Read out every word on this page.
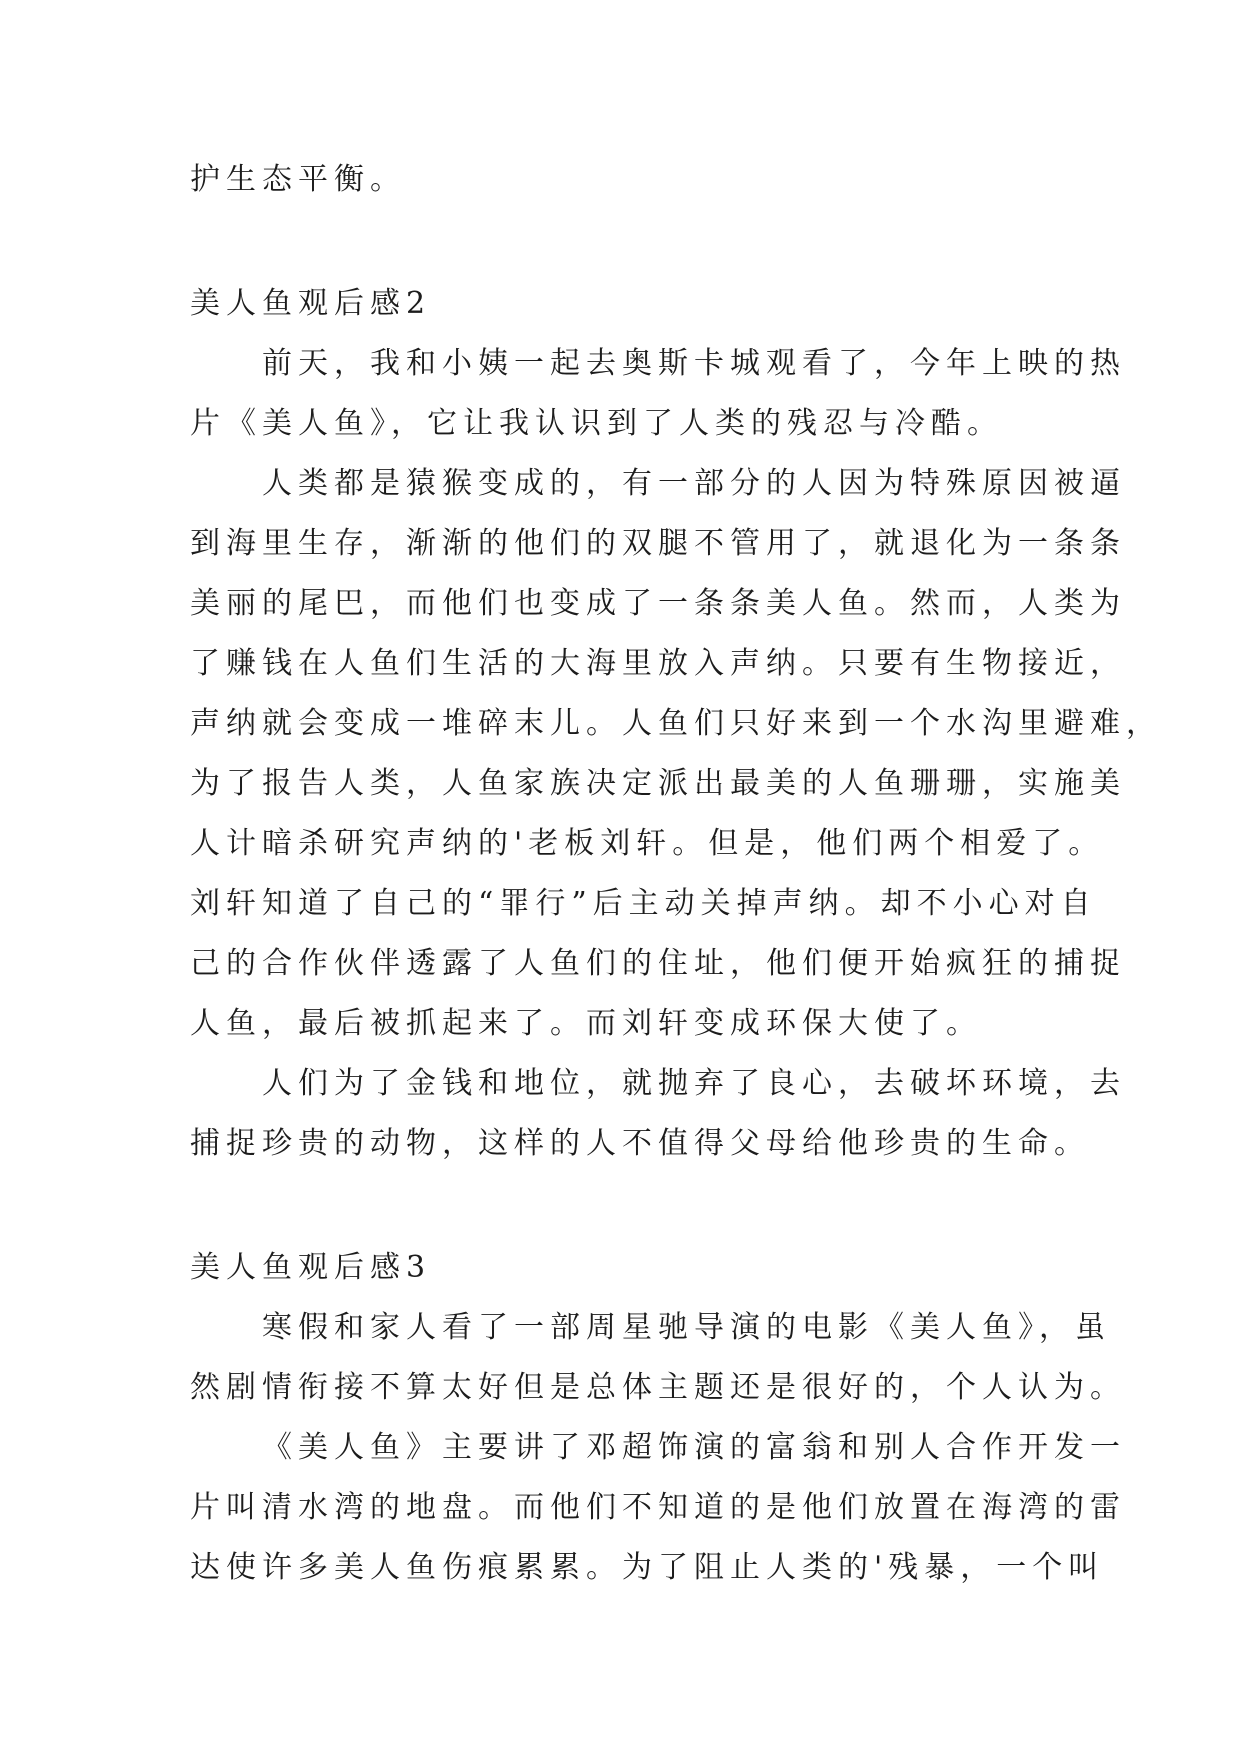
护生态平衡。
美人鱼观后感2
前天，我和小姨一起去奥斯卡城观看了，今年上映的热
片《美人鱼》，它让我认识到了人类的残忍与冷酷。
人类都是猿猴变成的，有一部分的人因为特殊原因被逼
到海里生存，渐渐的他们的双腿不管用了，就退化为一条条
美丽的尾巴，而他们也变成了一条条美人鱼。然而，人类为
了赚钱在人鱼们生活的大海里放入声纳。只要有生物接近，
声纳就会变成一堆碎末儿。人鱼们只好来到一个水沟里避难，
为了报告人类，人鱼家族决定派出最美的人鱼珊珊，实施美
人计暗杀研究声纳的'老板刘轩。但是，他们两个相爱了。
刘轩知道了自己的“罪行”后主动关掉声纳。却不小心对自
己的合作伙伴透露了人鱼们的住址，他们便开始疯狂的捕捉
人鱼，最后被抓起来了。而刘轩变成环保大使了。
人们为了金钱和地位，就抛弃了良心，去破坏环境，去
捕捉珍贵的动物，这样的人不值得父母给他珍贵的生命。
美人鱼观后感3
寒假和家人看了一部周星驰导演的电影《美人鱼》，虽
然剧情衔接不算太好但是总体主题还是很好的，个人认为。
《美人鱼》主要讲了邓超饰演的富翁和别人合作开发一
片叫清水湾的地盘。而他们不知道的是他们放置在海湾的雷
达使许多美人鱼伤痕累累。为了阻止人类的'残暴，一个叫
